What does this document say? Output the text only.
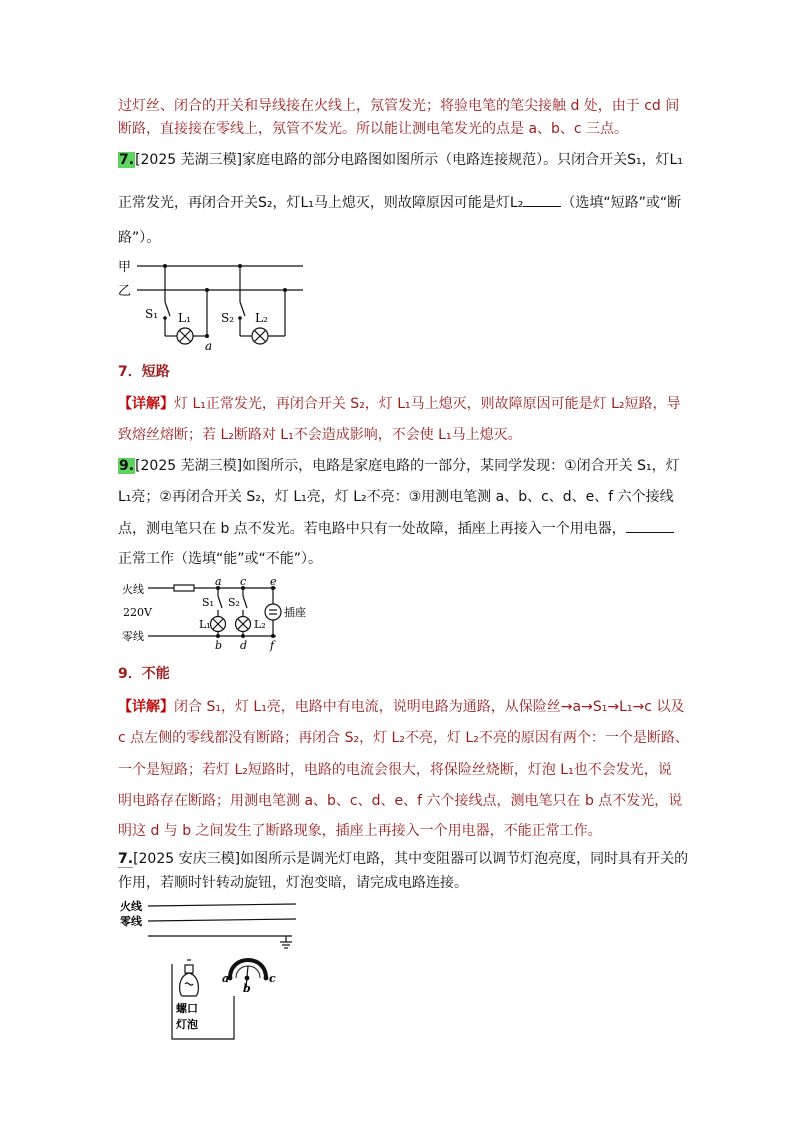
过灯丝、闭合的开关和导线接在火线上，氖管发光；将验电笔的笔尖接触 d 处，由于 cd 间
断路，直接接在零线上，氖管不发光。所以能让测电笔发光的点是 a、b、c 三点。
7.[2025 芜湖三模]家庭电路的部分电路图如图所示（电路连接规范）。只闭合开关S₁，灯L₁
正常发光，再闭合开关S₂，灯L₁马上熄灭，则故障原因可能是灯L₂	（选填“短路”或“断
路”）。
甲
乙
S₁ L₁	S₂ L₂
a
7．短路
【详解】灯 L₁正常发光，再闭合开关 S₂，灯 L₁马上熄灭，则故障原因可能是灯 L₂短路，导
致熔丝熔断；若 L₂断路对 L₁不会造成影响，不会使 L₁马上熄灭。
9.[2025 芜湖三模]如图所示，电路是家庭电路的一部分，某同学发现：①闭合开关 S₁，灯
L₁亮；②再闭合开关 S₂，灯 L₁亮，灯 L₂不亮：③用测电笔测 a、b、c、d、e、f 六个接线
点，测电笔只在 b 点不发光。若电路中只有一处故障，插座上再接入一个用电器，
正常工作（选填“能”或“不能”）。
火线
220V
零线
a c e
S₁ S₂
L₁	L₂
插座
b d f
9．不能
【详解】闭合 S₁，灯 L₁亮，电路中有电流，说明电路为通路，从保险丝→a→S₁→L₁→c 以及
c 点左侧的零线都没有断路；再闭合 S₂，灯 L₂不亮，灯 L₂不亮的原因有两个：一个是断路、
一个是短路；若灯 L₂短路时，电路的电流会很大，将保险丝烧断，灯泡 L₁也不会发光，说
明电路存在断路；用测电笔测 a、b、c、d、e、f 六个接线点，测电笔只在 b 点不发光，说
明这 d 与 b 之间发生了断路现象，插座上再接入一个用电器，不能正常工作。
7.[2025 安庆三模]如图所示是调光灯电路，其中变阻器可以调节灯泡亮度，同时具有开关的
作用，若顺时针转动旋钮，灯泡变暗，请完成电路连接。
火线
零线
a
b
c
螺口
灯泡
